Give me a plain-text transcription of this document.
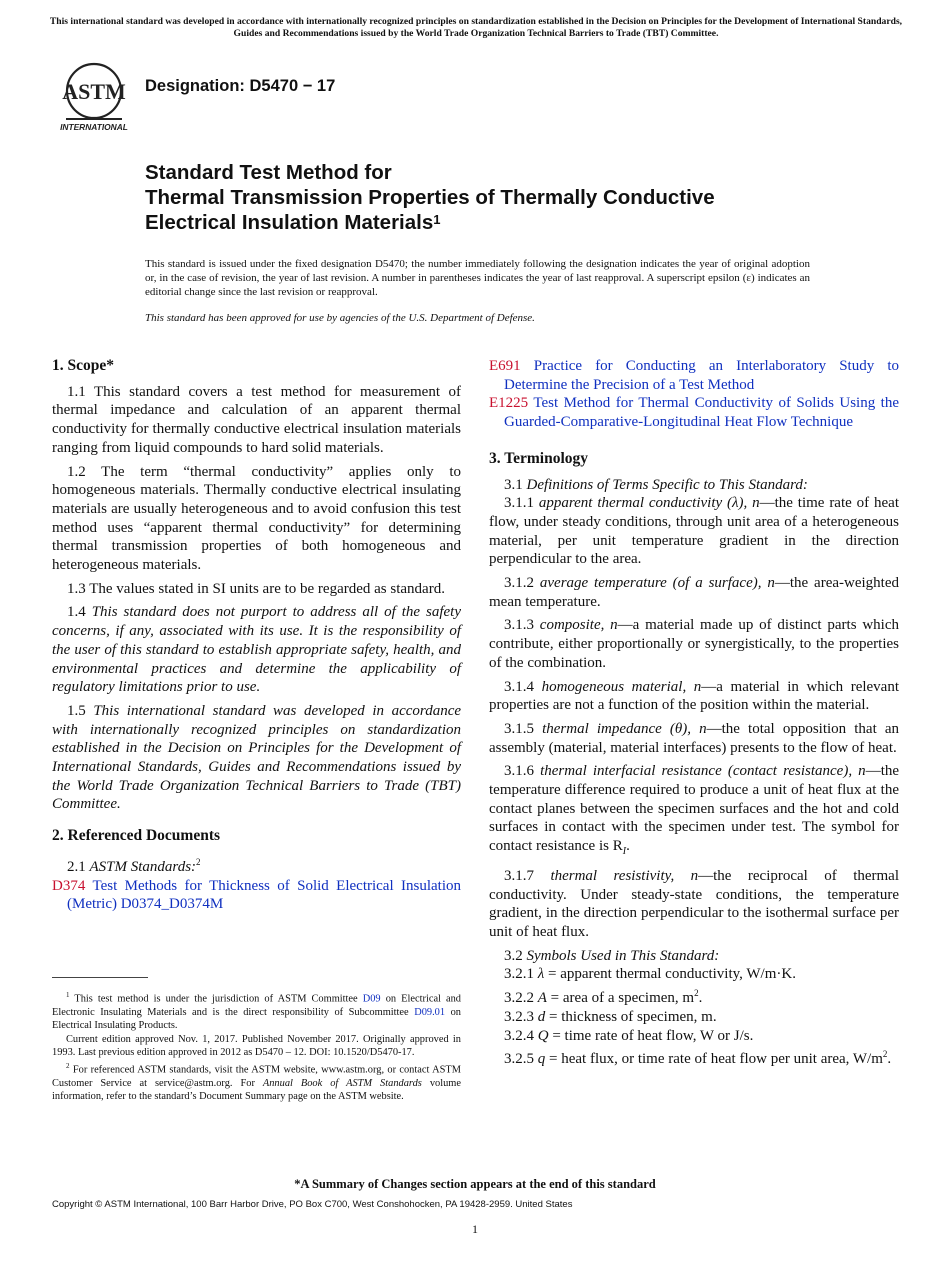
This international standard was developed in accordance with internationally recognized principles on standardization established in the Decision on Principles for the Development of International Standards, Guides and Recommendations issued by the World Trade Organization Technical Barriers to Trade (TBT) Committee.
ASTM
INTERNATIONAL
Designation: D5470 − 17
Standard Test Method for
Thermal Transmission Properties of Thermally Conductive
Electrical Insulation Materials$^1$
This standard is issued under the fixed designation D5470; the number immediately following the designation indicates the year of original adoption or, in the case of revision, the year of last revision. A number in parentheses indicates the year of last reapproval. A superscript epsilon (ε) indicates an editorial change since the last revision or reapproval.
This standard has been approved for use by agencies of the U.S. Department of Defense.
1. Scope*
1.1 This standard covers a test method for measurement of thermal impedance and calculation of an apparent thermal conductivity for thermally conductive electrical insulation materials ranging from liquid compounds to hard solid materials.
1.2 The term “thermal conductivity” applies only to homogeneous materials. Thermally conductive electrical insulating materials are usually heterogeneous and to avoid confusion this test method uses “apparent thermal conductivity” for determining thermal transmission properties of both homogeneous and heterogeneous materials.
1.3 The values stated in SI units are to be regarded as standard.
1.4 This standard does not purport to address all of the safety concerns, if any, associated with its use. It is the responsibility of the user of this standard to establish appropriate safety, health, and environmental practices and determine the applicability of regulatory limitations prior to use.
1.5 This international standard was developed in accordance with internationally recognized principles on standardization established in the Decision on Principles for the Development of International Standards, Guides and Recommendations issued by the World Trade Organization Technical Barriers to Trade (TBT) Committee.
2. Referenced Documents
2.1 ASTM Standards:$^2$
D374 Test Methods for Thickness of Solid Electrical Insulation (Metric) D0374_D0374M
E691 Practice for Conducting an Interlaboratory Study to Determine the Precision of a Test Method
E1225 Test Method for Thermal Conductivity of Solids Using the Guarded-Comparative-Longitudinal Heat Flow Technique
3. Terminology
3.1 Definitions of Terms Specific to This Standard:
3.1.1 apparent thermal conductivity (λ), n—the time rate of heat flow, under steady conditions, through unit area of a heterogeneous material, per unit temperature gradient in the direction perpendicular to the area.
3.1.2 average temperature (of a surface), n—the area-weighted mean temperature.
3.1.3 composite, n—a material made up of distinct parts which contribute, either proportionally or synergistically, to the properties of the combination.
3.1.4 homogeneous material, n—a material in which relevant properties are not a function of the position within the material.
3.1.5 thermal impedance (θ), n—the total opposition that an assembly (material, material interfaces) presents to the flow of heat.
3.1.6 thermal interfacial resistance (contact resistance), n—the temperature difference required to produce a unit of heat flux at the contact planes between the specimen surfaces and the hot and cold surfaces in contact with the specimen under test. The symbol for contact resistance is $R_I$.
3.1.7 thermal resistivity, n—the reciprocal of thermal conductivity. Under steady-state conditions, the temperature gradient, in the direction perpendicular to the isothermal surface per unit of heat flux.
3.2 Symbols Used in This Standard:
3.2.1 λ = apparent thermal conductivity, W/m·K.
3.2.2 A = area of a specimen, $m^2$.
3.2.3 d = thickness of specimen, m.
3.2.4 Q = time rate of heat flow, W or J/s.
3.2.5 q = heat flux, or time rate of heat flow per unit area, $W/m^2$.
$^1$ This test method is under the jurisdiction of ASTM Committee D09 on Electrical and Electronic Insulating Materials and is the direct responsibility of Subcommittee D09.01 on Electrical Insulating Products.
Current edition approved Nov. 1, 2017. Published November 2017. Originally approved in 1993. Last previous edition approved in 2012 as D5470 – 12. DOI: 10.1520/D5470-17.
$^2$ For referenced ASTM standards, visit the ASTM website, www.astm.org, or contact ASTM Customer Service at service@astm.org. For Annual Book of ASTM Standards volume information, refer to the standard’s Document Summary page on the ASTM website.
*A Summary of Changes section appears at the end of this standard
Copyright © ASTM International, 100 Barr Harbor Drive, PO Box C700, West Conshohocken, PA 19428-2959. United States
1
